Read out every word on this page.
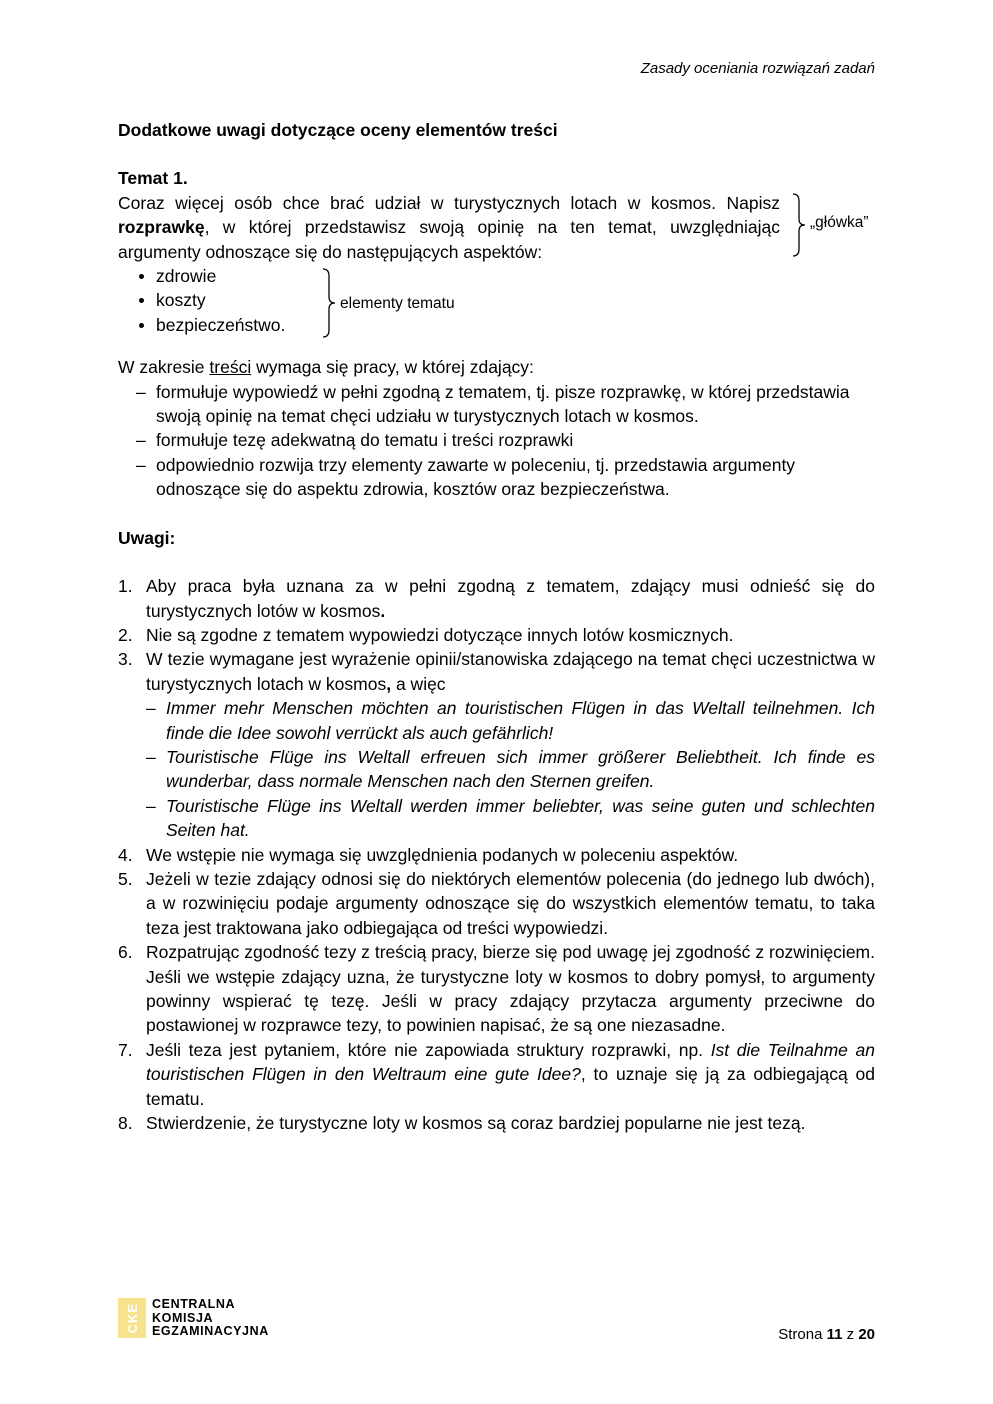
Zasady oceniania rozwiązań zadań
Dodatkowe uwagi dotyczące oceny elementów treści
Temat 1.
Coraz więcej osób chce brać udział w turystycznych lotach w kosmos. Napisz rozprawkę, w której przedstawisz swoją opinię na ten temat, uwzględniając argumenty odnoszące się do następujących aspektów:
„główka”
zdrowie
koszty
bezpieczeństwo.
elementy tematu
W zakresie treści wymaga się pracy, w której zdający:
– formułuje wypowiedź w pełni zgodną z tematem, tj. pisze rozprawkę, w której przedstawia swoją opinię na temat chęci udziału w turystycznych lotach w kosmos.
– formułuje tezę adekwatną do tematu i treści rozprawki
– odpowiednio rozwija trzy elementy zawarte w poleceniu, tj. przedstawia argumenty odnoszące się do aspektu zdrowia, kosztów oraz bezpieczeństwa.
Uwagi:
1. Aby praca była uznana za w pełni zgodną z tematem, zdający musi odnieść się do turystycznych lotów w kosmos.
2. Nie są zgodne z tematem wypowiedzi dotyczące innych lotów kosmicznych.
3. W tezie wymagane jest wyrażenie opinii/stanowiska zdającego na temat chęci uczestnictwa w turystycznych lotach w kosmos, a więc
– Immer mehr Menschen möchten an touristischen Flügen in das Weltall teilnehmen. Ich finde die Idee sowohl verrückt als auch gefährlich!
– Touristische Flüge ins Weltall erfreuen sich immer größerer Beliebtheit. Ich finde es wunderbar, dass normale Menschen nach den Sternen greifen.
– Touristische Flüge ins Weltall werden immer beliebter, was seine guten und schlechten Seiten hat.
4. We wstępie nie wymaga się uwzględnienia podanych w poleceniu aspektów.
5. Jeżeli w tezie zdający odnosi się do niektórych elementów polecenia (do jednego lub dwóch), a w rozwinięciu podaje argumenty odnoszące się do wszystkich elementów tematu, to taka teza jest traktowana jako odbiegająca od treści wypowiedzi.
6. Rozpatrując zgodność tezy z treścią pracy, bierze się pod uwagę jej zgodność z rozwinięciem. Jeśli we wstępie zdający uzna, że turystyczne loty w kosmos to dobry pomysł, to argumenty powinny wspierać tę tezę. Jeśli w pracy zdający przytacza argumenty przeciwne do postawionej w rozprawce tezy, to powinien napisać, że są one niezasadne.
7. Jeśli teza jest pytaniem, które nie zapowiada struktury rozprawki, np. Ist die Teilnahme an touristischen Flügen in den Weltraum eine gute Idee?, to uznaje się ją za odbiegającą od tematu.
8. Stwierdzenie, że turystyczne loty w kosmos są coraz bardziej popularne nie jest tezą.
CKE CENTRALNA
KOMISJA
EGZAMINACYJNA	Strona 11 z 20
